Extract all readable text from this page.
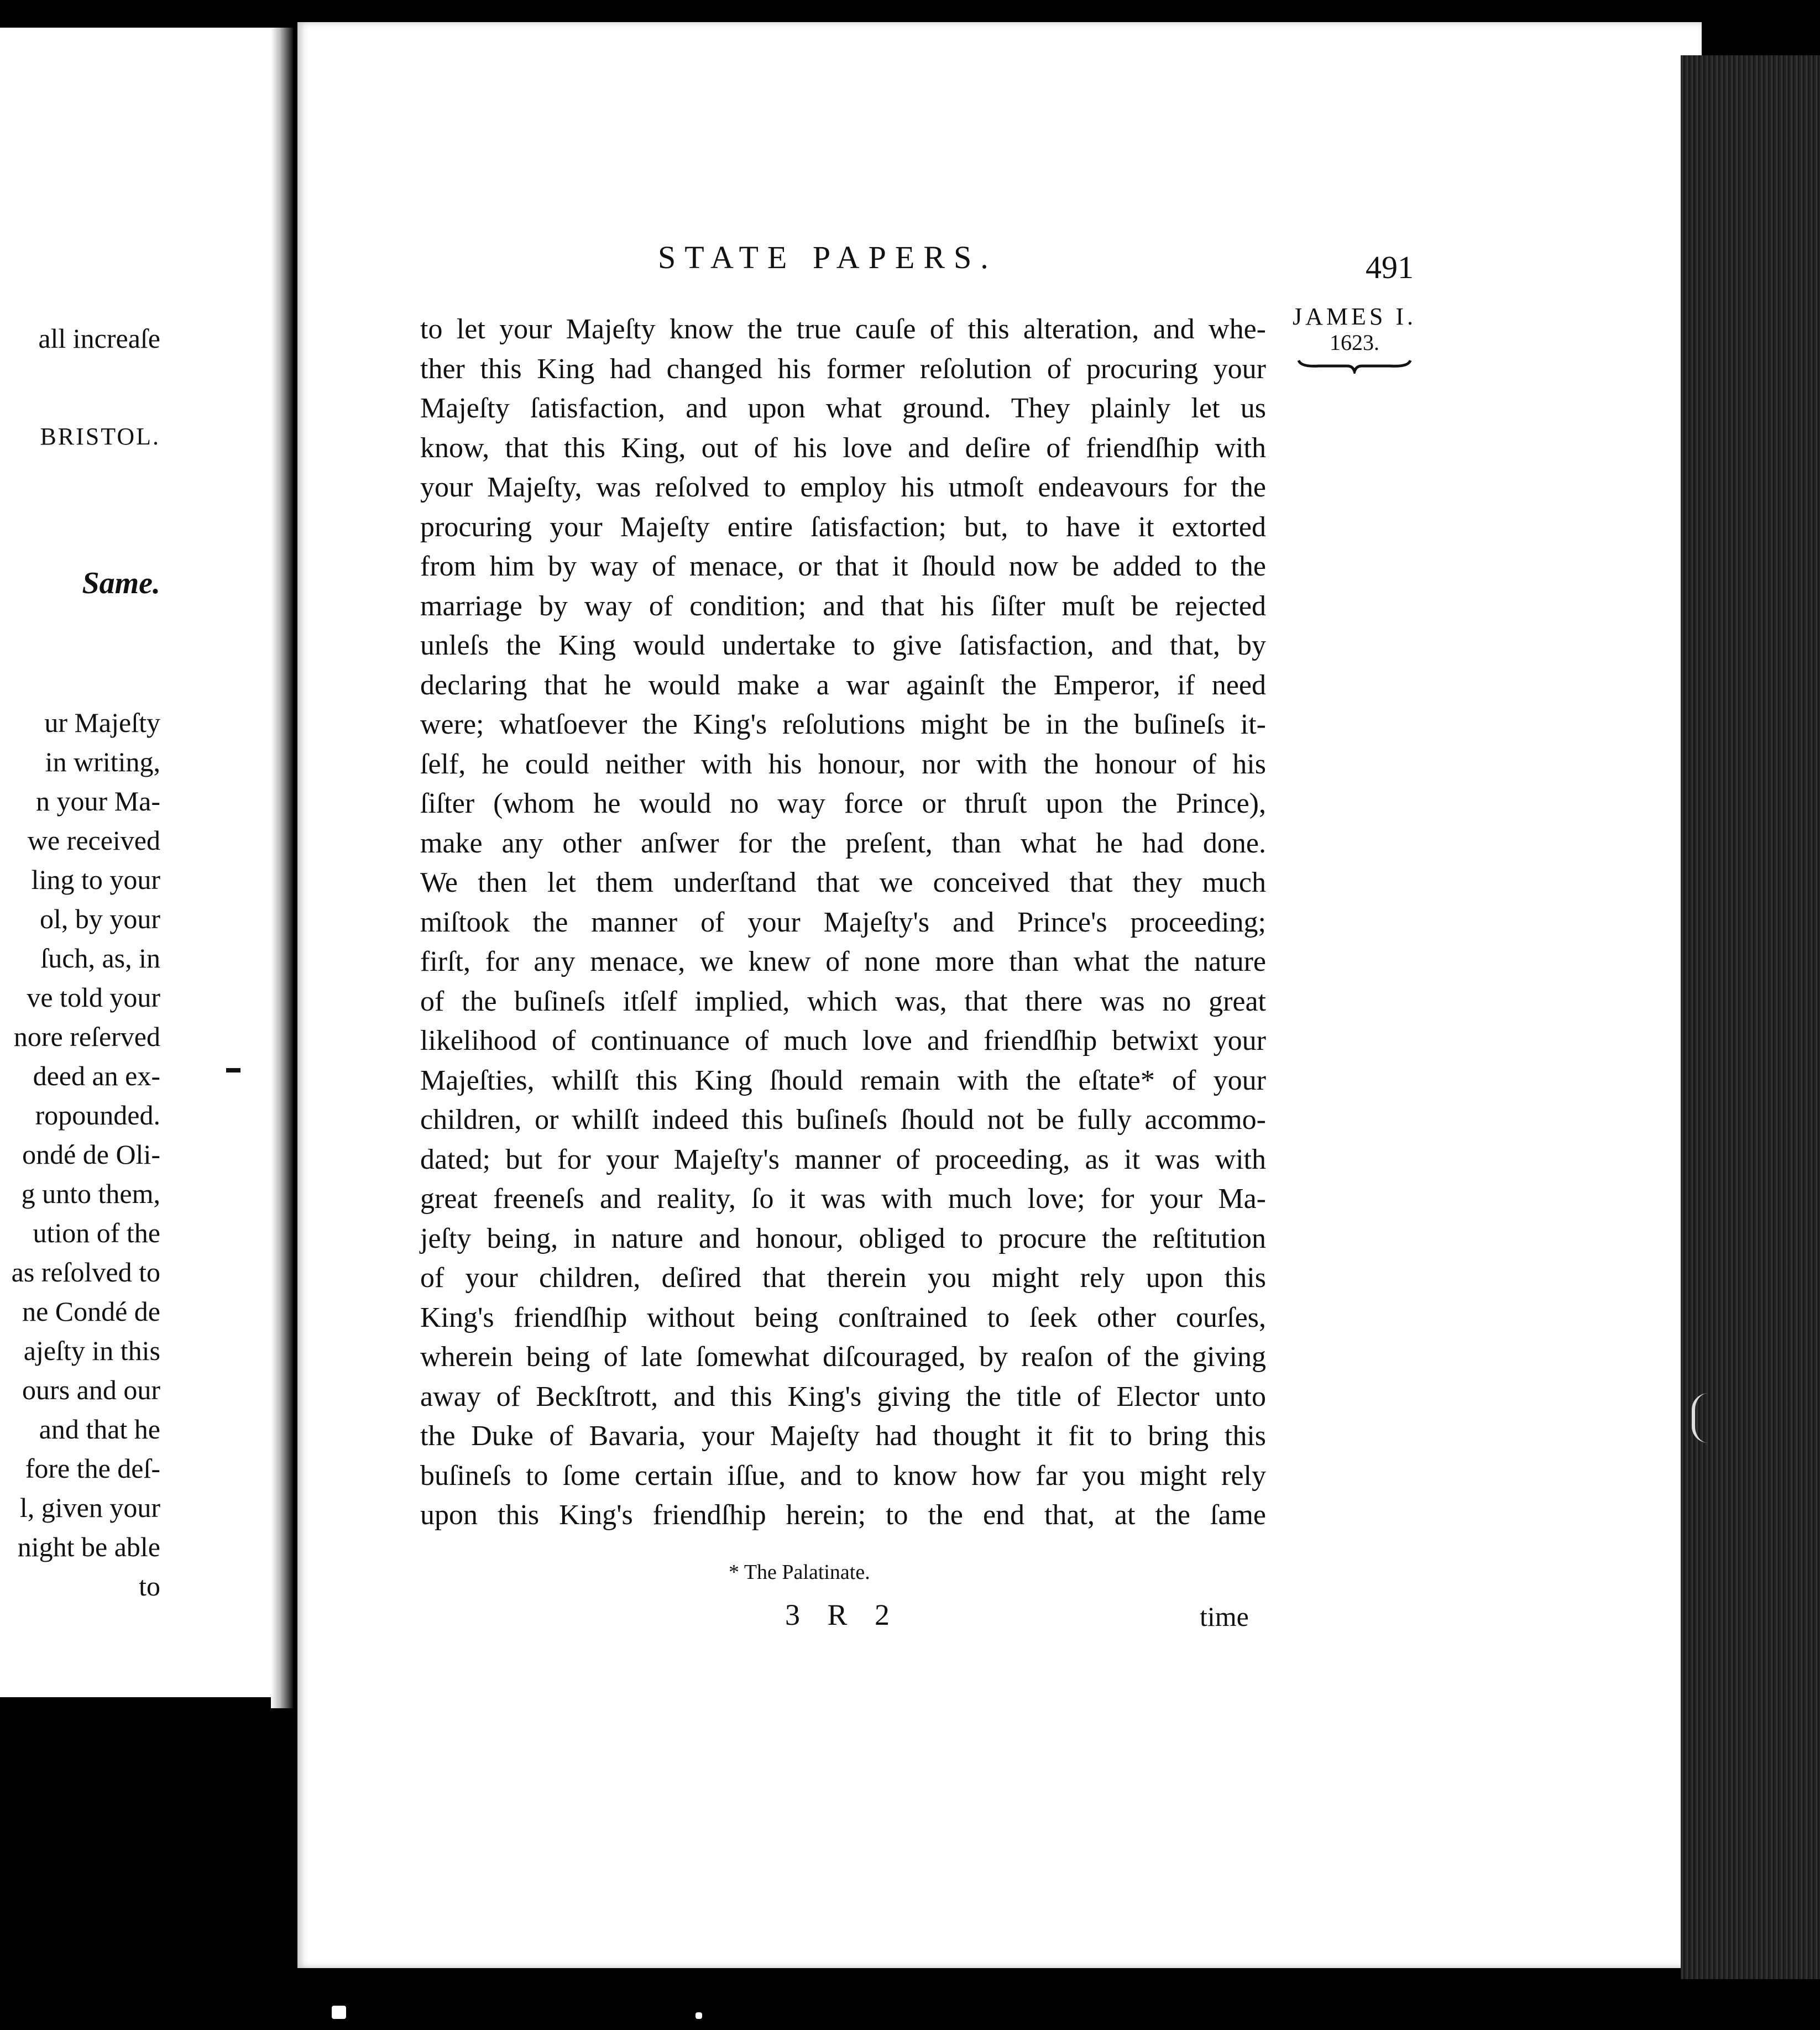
all increaſe
BRISTOL.
Same.
ur Majeſty
in writing,
n your Ma-
we received
ling to your
ol, by your
ſuch, as, in
ve told your
nore reſerved
deed an ex-
ropounded.
ondé de Oli-
g unto them,
ution of the
as reſolved to
ne Condé de
ajeſty in this
ours and our
and that he
fore the deſ-
l, given your
night be able
to
STATE PAPERS.	491
JAMES I.
1623.
to let your Majeſty know the true cauſe of this alteration, and whe-
ther this King had changed his former reſolution of procuring your
Majeſty ſatisfaction, and upon what ground. They plainly let us
know, that this King, out of his love and deſire of friendſhip with
your Majeſty, was reſolved to employ his utmoſt endeavours for the
procuring your Majeſty entire ſatisfaction; but, to have it extorted
from him by way of menace, or that it ſhould now be added to the
marriage by way of condition; and that his ſiſter muſt be rejected
unleſs the King would undertake to give ſatisfaction, and that, by
declaring that he would make a war againſt the Emperor, if need
were; whatſoever the King's reſolutions might be in the buſineſs it-
ſelf, he could neither with his honour, nor with the honour of his
ſiſter (whom he would no way force or thruſt upon the Prince),
make any other anſwer for the preſent, than what he had done.
We then let them underſtand that we conceived that they much
miſtook the manner of your Majeſty's and Prince's proceeding;
firſt, for any menace, we knew of none more than what the nature
of the buſineſs itſelf implied, which was, that there was no great
likelihood of continuance of much love and friendſhip betwixt your
Majeſties, whilſt this King ſhould remain with the eſtate* of your
children, or whilſt indeed this buſineſs ſhould not be fully accommo-
dated; but for your Majeſty's manner of proceeding, as it was with
great freeneſs and reality, ſo it was with much love; for your Ma-
jeſty being, in nature and honour, obliged to procure the reſtitution
of your children, deſired that therein you might rely upon this
King's friendſhip without being conſtrained to ſeek other courſes,
wherein being of late ſomewhat diſcouraged, by reaſon of the giving
away of Beckſtrott, and this King's giving the title of Elector unto
the Duke of Bavaria, your Majeſty had thought it fit to bring this
buſineſs to ſome certain iſſue, and to know how far you might rely
upon this King's friendſhip herein; to the end that, at the ſame
* The Palatinate.
3 R 2	time
